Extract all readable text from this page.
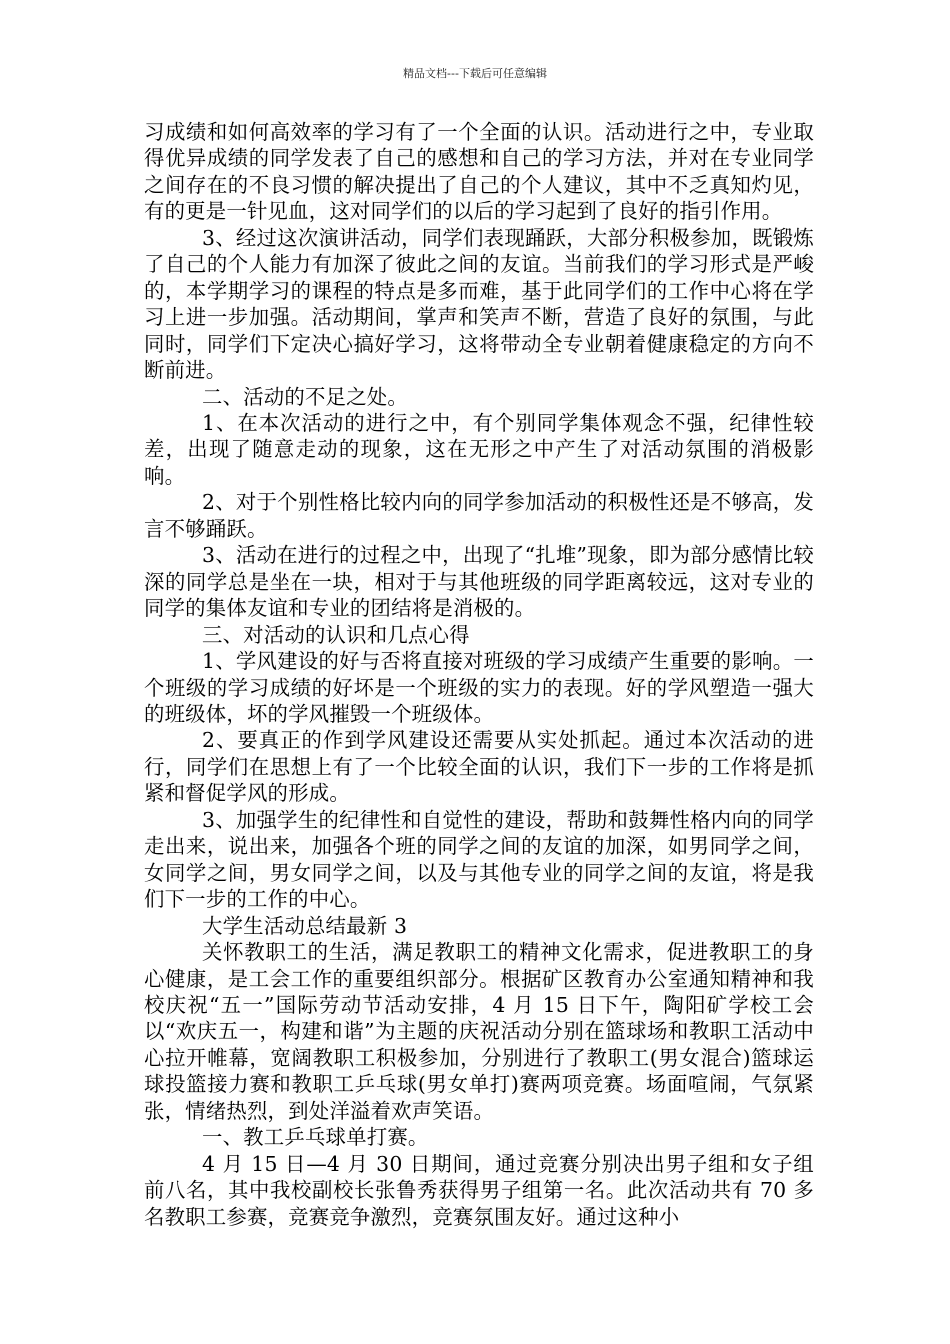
精品文档---下载后可任意编辑

习成绩和如何高效率的学习有了一个全面的认识。活动进行之中，专业取得优异成绩的同学发表了自己的感想和自己的学习方法，并对在专业同学之间存在的不良习惯的解决提出了自己的个人建议，其中不乏真知灼见，有的更是一针见血，这对同学们的以后的学习起到了良好的指引作用。

3、经过这次演讲活动，同学们表现踊跃，大部分积极参加，既锻炼了自己的个人能力有加深了彼此之间的友谊。当前我们的学习形式是严峻的，本学期学习的课程的特点是多而难，基于此同学们的工作中心将在学习上进一步加强。活动期间，掌声和笑声不断，营造了良好的氛围，与此同时，同学们下定决心搞好学习，这将带动全专业朝着健康稳定的方向不断前进。

二、活动的不足之处。

1、在本次活动的进行之中，有个别同学集体观念不强，纪律性较差，出现了随意走动的现象，这在无形之中产生了对活动氛围的消极影响。

2、对于个别性格比较内向的同学参加活动的积极性还是不够高，发言不够踊跃。

3、活动在进行的过程之中，出现了“扎堆”现象，即为部分感情比较深的同学总是坐在一块，相对于与其他班级的同学距离较远，这对专业的同学的集体友谊和专业的团结将是消极的。

三、对活动的认识和几点心得

1、学风建设的好与否将直接对班级的学习成绩产生重要的影响。一个班级的学习成绩的好坏是一个班级的实力的表现。好的学风塑造一强大的班级体，坏的学风摧毁一个班级体。

2、要真正的作到学风建设还需要从实处抓起。通过本次活动的进行，同学们在思想上有了一个比较全面的认识，我们下一步的工作将是抓紧和督促学风的形成。

3、加强学生的纪律性和自觉性的建设，帮助和鼓舞性格内向的同学走出来，说出来，加强各个班的同学之间的友谊的加深，如男同学之间，女同学之间，男女同学之间，以及与其他专业的同学之间的友谊，将是我们下一步的工作的中心。

大学生活动总结最新 3

关怀教职工的生活，满足教职工的精神文化需求，促进教职工的身心健康，是工会工作的重要组织部分。根据矿区教育办公室通知精神和我校庆祝“五一”国际劳动节活动安排，4 月 15 日下午，陶阳矿学校工会以“欢庆五一，构建和谐”为主题的庆祝活动分别在篮球场和教职工活动中心拉开帷幕，宽阔教职工积极参加，分别进行了教职工(男女混合)篮球运球投篮接力赛和教职工乒乓球(男女单打)赛两项竞赛。场面喧闹，气氛紧张，情绪热烈，到处洋溢着欢声笑语。

一、教工乒乓球单打赛。

4 月 15 日—4 月 30 日期间，通过竞赛分别决出男子组和女子组前八名，其中我校副校长张鲁秀获得男子组第一名。此次活动共有 70 多名教职工参赛，竞赛竞争激烈，竞赛氛围友好。通过这种小
